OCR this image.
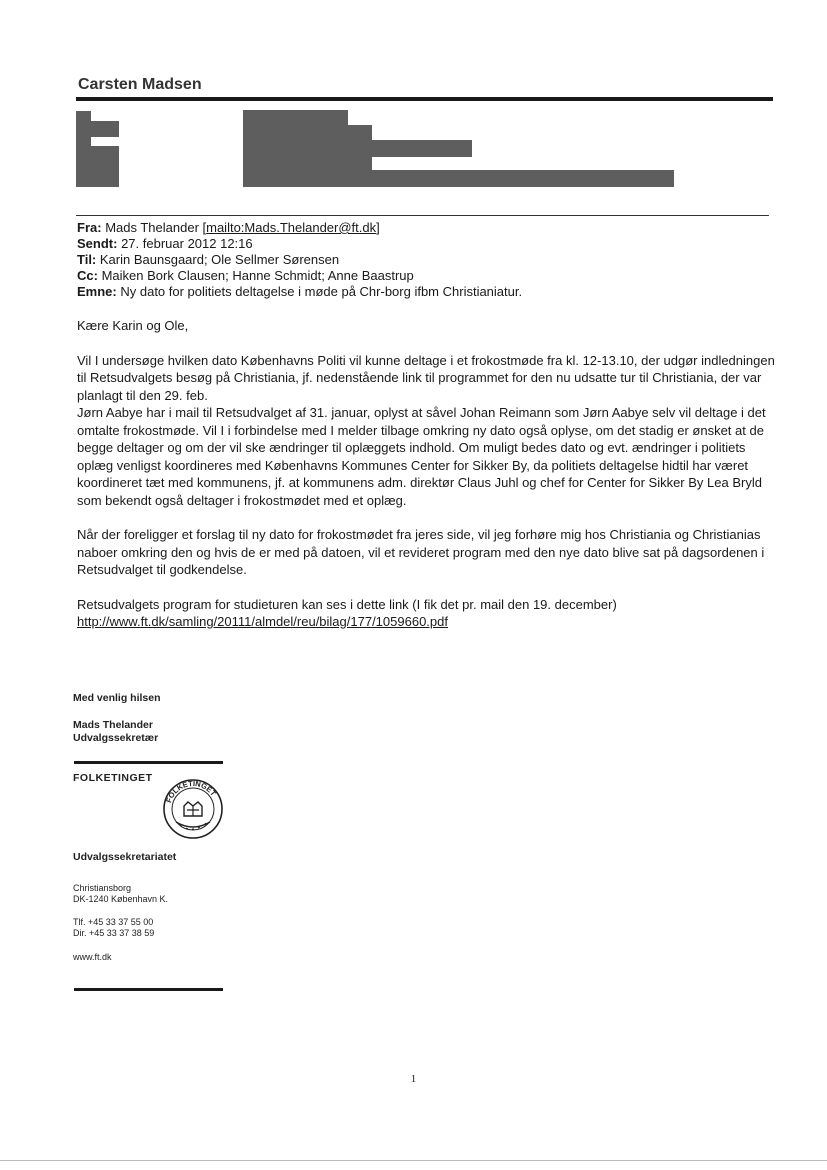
Carsten Madsen
Fra: Mads Thelander [mailto:Mads.Thelander@ft.dk]
Sendt: 27. februar 2012 12:16
Til: Karin Baunsgaard; Ole Sellmer Sørensen
Cc: Maiken Bork Clausen; Hanne Schmidt; Anne Baastrup
Emne: Ny dato for politiets deltagelse i møde på Chr-borg ifbm Christianiatur.

Kære Karin og Ole,

Vil I undersøge hvilken dato Københavns Politi vil kunne deltage i et frokostmøde fra kl. 12-13.10, der udgør indledningen til Retsudvalgets besøg på Christiania, jf. nedenstående link til programmet for den nu udsatte tur til Christiania, der var planlagt til den 29. feb.

Jørn Aabye har i mail til Retsudvalget af 31. januar, oplyst at såvel Johan Reimann som Jørn Aabye selv vil deltage i det omtalte frokostmøde. Vil I i forbindelse med I melder tilbage omkring ny dato også oplyse, om det stadig er ønsket at de begge deltager og om der vil ske ændringer til oplæggets indhold. Om muligt bedes dato og evt. ændringer i politiets oplæg venligst koordineres med Københavns Kommunes Center for Sikker By, da politiets deltagelse hidtil har været koordineret tæt med kommunens, jf. at kommunens adm. direktør Claus Juhl og chef for Center for Sikker By Lea Bryld som bekendt også deltager i frokostmødet med et oplæg.

Når der foreligger et forslag til ny dato for frokostmødet fra jeres side, vil jeg forhøre mig hos Christiania og Christianias naboer omkring den og hvis de er med på datoen, vil et revideret program med den nye dato blive sat på dagsordenen i Retsudvalget til godkendelse.

Retsudvalgets program for studieturen kan ses i dette link (I fik det pr. mail den 19. december)

http://www.ft.dk/samling/20111/almdel/reu/bilag/177/1059660.pdf

Med venlig hilsen
Mads Thelander
Udvalgssekretær
FOLKETINGET
FOLKETINGET
Udvalgssekretariatet
Christiansborg
DK-1240 København K.
Tlf. +45 33 37 55 00
Dir. +45 33 37 38 59
www.ft.dk
1
